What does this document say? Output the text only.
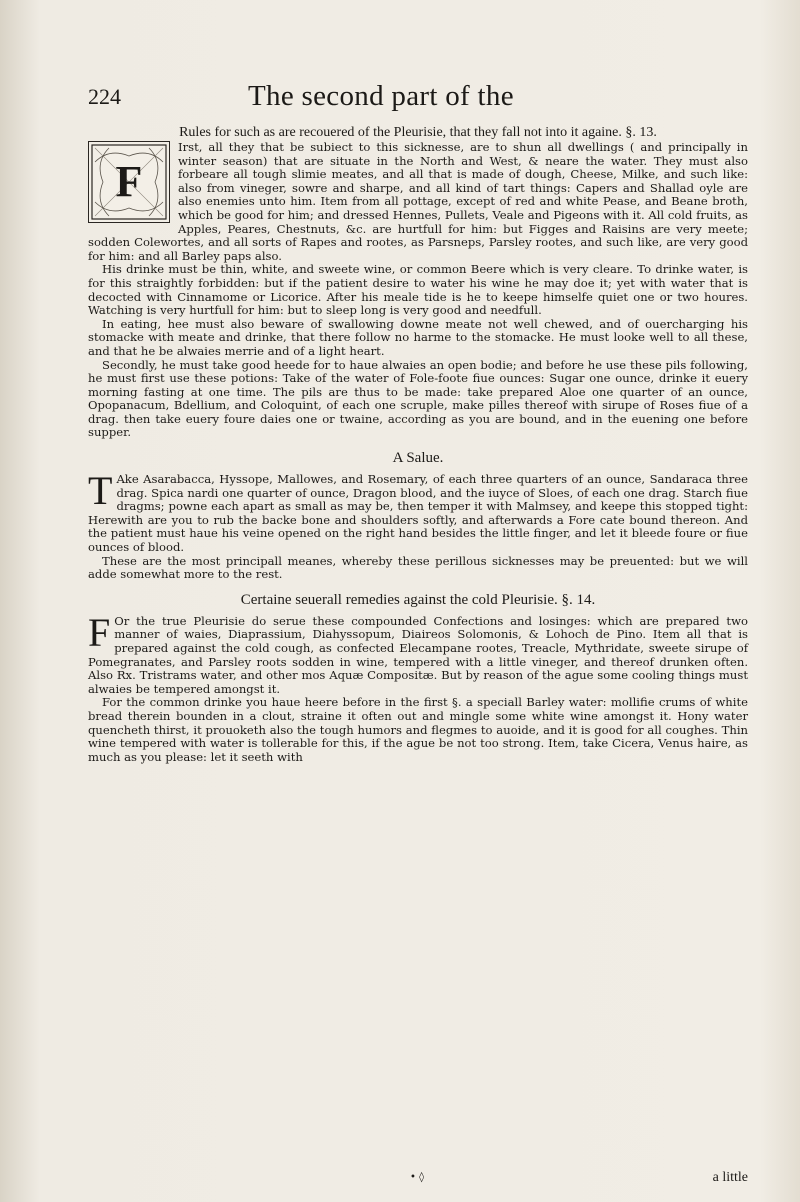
224	The second part of the

Rules for such as are recouered of the Pleurisie, that they fall not into it againe. §. 13.

F
Irst, all they that be subiect to this sicknesse, are to shun all dwellings ( and principally in winter season) that are situate in the North and West, & neare the water. They must also forbeare all tough slimie meates, and all that is made of dough, Cheese, Milke, and such like: also from vineger, sowre and sharpe, and all kind of tart things: Capers and Shallad oyle are also enemies unto him. Item from all pottage, except of red and white Pease, and Beane broth, which be good for him; and dressed Hennes, Pullets, Veale and Pigeons with it. All cold fruits, as Apples, Peares, Chestnuts, &c. are hurtfull for him: but Figges and Raisins are very meete; sodden Colewortes, and all sorts of Rapes and rootes, as Parsneps, Parsley rootes, and such like, are very good for him: and all Barley paps also.

His drinke must be thin, white, and sweete wine, or common Beere which is very cleare. To drinke water, is for this straightly forbidden: but if the patient desire to water his wine he may doe it; yet with water that is decocted with Cinnamome or Licorice. After his meale tide is he to keepe himselfe quiet one or two houres. Watching is very hurtfull for him: but to sleep long is very good and needfull.

In eating, hee must also beware of swallowing downe meate not well chewed, and of ouercharging his stomacke with meate and drinke, that there follow no harme to the stomacke. He must looke well to all these, and that he be alwaies merrie and of a light heart.

Secondly, he must take good heede for to haue alwaies an open bodie; and before he use these pils following, he must first use these potions: Take of the water of Fole-foote fiue ounces: Sugar one ounce, drinke it euery morning fasting at one time. The pils are thus to be made: take prepared Aloe one quarter of an ounce, Opopanacum, Bdellium, and Coloquint, of each one scruple, make pilles thereof with sirupe of Roses fiue of a drag. then take euery foure daies one or twaine, according as you are bound, and in the euening one before supper.

A Salue.

T Ake Asarabacca, Hyssope, Mallowes, and Rosemary, of each three quarters of an ounce, Sandaraca three drag. Spica nardi one quarter of ounce, Dragon blood, and the iuyce of Sloes, of each one drag. Starch fiue dragms; powne each apart as small as may be, then temper it with Malmsey, and keepe this stopped tight: Herewith are you to rub the backe bone and shoulders softly, and afterwards a Fore cate bound thereon. And the patient must haue his veine opened on the right hand besides the little finger, and let it bleede foure or fiue ounces of blood.

These are the most principall meanes, whereby these perillous sicknesses may be preuented: but we will adde somewhat more to the rest.

Certaine seuerall remedies against the cold Pleurisie. §. 14.

F Or the true Pleurisie do serue these compounded Confections and losinges: which are prepared two manner of waies, Diaprassium, Diahyssopum, Diaireos Solomonis, & Lohoch de Pino. Item all that is prepared against the cold cough, as confected Elecampane rootes, Treacle, Mythridate, sweete sirupe of Pomegranates, and Parsley roots sodden in wine, tempered with a little vineger, and thereof drunken often. Also Rx. Tristrams water, and other mos Aquæ Compositæ. But by reason of the ague some cooling things must alwaies be tempered amongst it.

For the common drinke you haue heere before in the first §. a speciall Barley water: mollifie crums of white bread therein bounden in a clout, straine it often out and mingle some white wine amongst it. Hony water quencheth thirst, it prouoketh also the tough humors and flegmes to auoide, and it is good for all coughes. Thin wine tempered with water is tollerable for this, if the ague be not too strong. Item, take Cicera, Venus haire, as much as you please: let it seeth with

• ◊	a little
